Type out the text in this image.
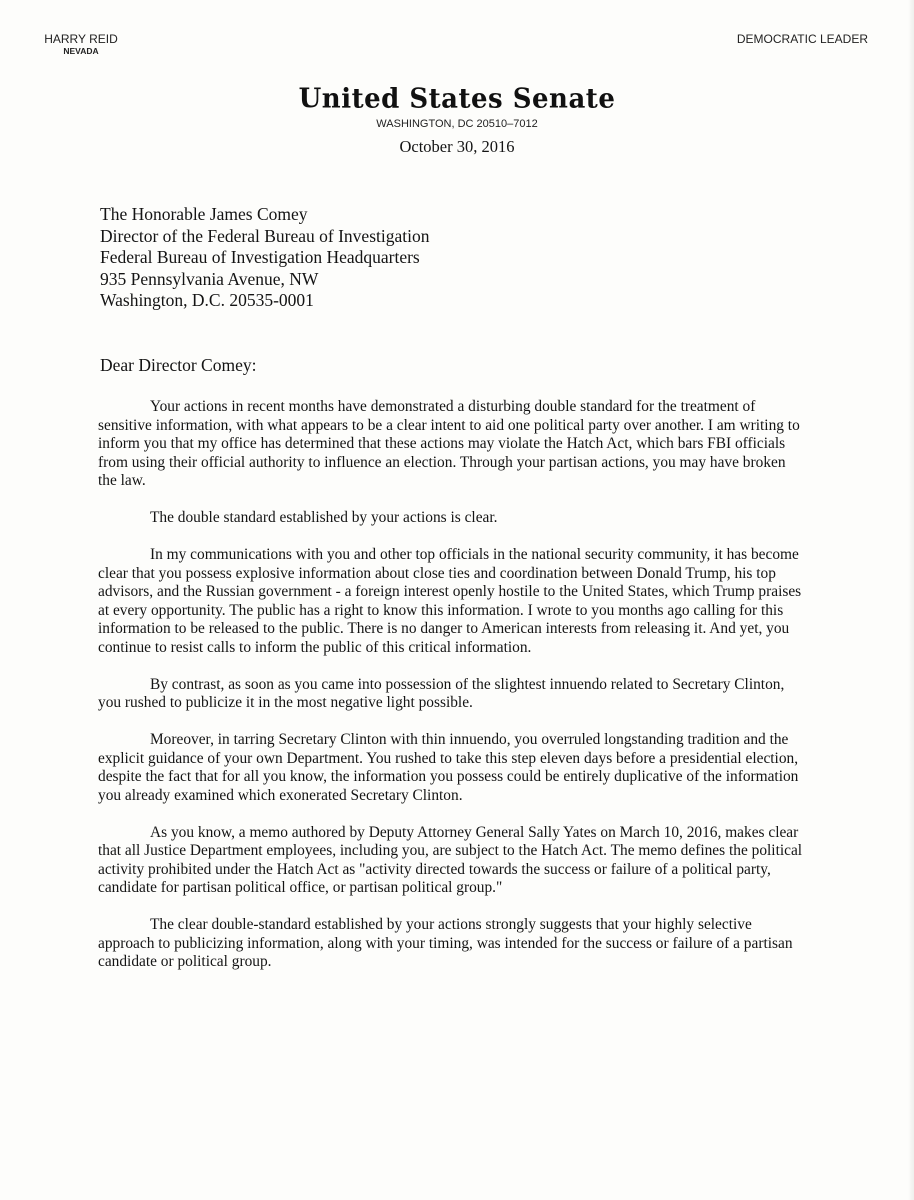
HARRY REID
NEVADA
DEMOCRATIC LEADER
United States Senate
WASHINGTON, DC 20510–7012
October 30, 2016
The Honorable James Comey
Director of the Federal Bureau of Investigation
Federal Bureau of Investigation Headquarters
935 Pennsylvania Avenue, NW
Washington, D.C. 20535-0001
Dear Director Comey:

Your actions in recent months have demonstrated a disturbing double standard for the treatment of sensitive information, with what appears to be a clear intent to aid one political party over another. I am writing to inform you that my office has determined that these actions may violate the Hatch Act, which bars FBI officials from using their official authority to influence an election. Through your partisan actions, you may have broken the law.

The double standard established by your actions is clear.

In my communications with you and other top officials in the national security community, it has become clear that you possess explosive information about close ties and coordination between Donald Trump, his top advisors, and the Russian government - a foreign interest openly hostile to the United States, which Trump praises at every opportunity. The public has a right to know this information. I wrote to you months ago calling for this information to be released to the public. There is no danger to American interests from releasing it. And yet, you continue to resist calls to inform the public of this critical information.

By contrast, as soon as you came into possession of the slightest innuendo related to Secretary Clinton, you rushed to publicize it in the most negative light possible.

Moreover, in tarring Secretary Clinton with thin innuendo, you overruled longstanding tradition and the explicit guidance of your own Department. You rushed to take this step eleven days before a presidential election, despite the fact that for all you know, the information you possess could be entirely duplicative of the information you already examined which exonerated Secretary Clinton.

As you know, a memo authored by Deputy Attorney General Sally Yates on March 10, 2016, makes clear that all Justice Department employees, including you, are subject to the Hatch Act. The memo defines the political activity prohibited under the Hatch Act as "activity directed towards the success or failure of a political party, candidate for partisan political office, or partisan political group."

The clear double-standard established by your actions strongly suggests that your highly selective approach to publicizing information, along with your timing, was intended for the success or failure of a partisan candidate or political group.
